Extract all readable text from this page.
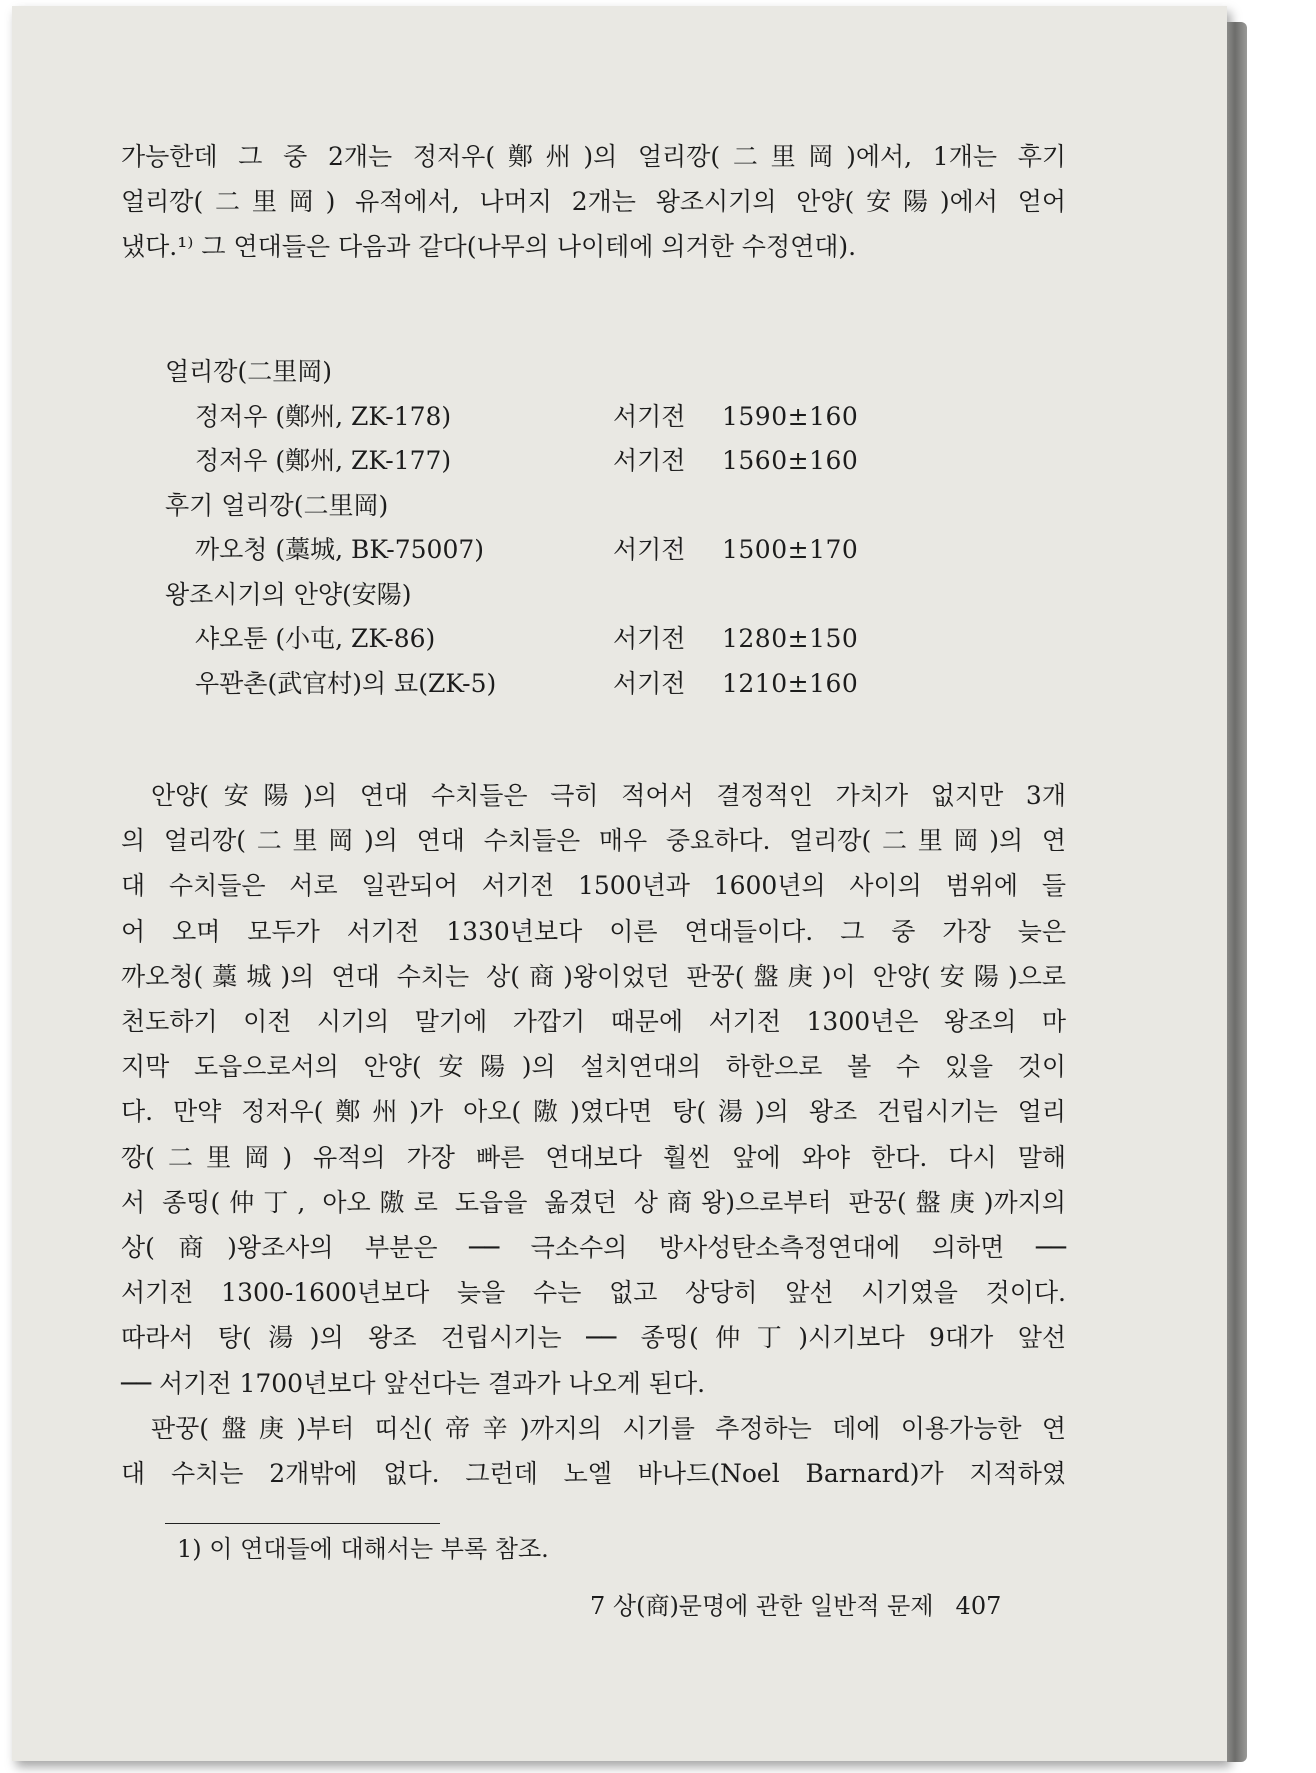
가능한데 그 중 2개는 정저우(鄭州)의 얼리깡(二里岡)에서, 1개는 후기

얼리깡(二里岡) 유적에서, 나머지 2개는 왕조시기의 안양(安陽)에서 얻어

냈다.¹⁾ 그 연대들은 다음과 같다(나무의 나이테에 의거한 수정연대).

얼리깡(二里岡)
정저우 (鄭州, ZK-178)	서기전 1590±160
정저우 (鄭州, ZK-177)	서기전 1560±160
후기 얼리깡(二里岡)
까오청 (藁城, BK-75007)	서기전 1500±170
왕조시기의 안양(安陽)
샤오툰 (小屯, ZK-86)	서기전 1280±150
우꽌촌(武官村)의 묘(ZK-5)	서기전 1210±160
안양(安陽)의 연대 수치들은 극히 적어서 결정적인 가치가 없지만 3개
의 얼리깡(二里岡)의 연대 수치들은 매우 중요하다. 얼리깡(二里岡)의 연
대 수치들은 서로 일관되어 서기전 1500년과 1600년의 사이의 범위에 들
어 오며 모두가 서기전 1330년보다 이른 연대들이다. 그 중 가장 늦은
까오청(藁城)의 연대 수치는 상(商)왕이었던 판꿍(盤庚)이 안양(安陽)으로
천도하기 이전 시기의 말기에 가깝기 때문에 서기전 1300년은 왕조의 마
지막 도읍으로서의 안양(安陽)의 설치연대의 하한으로 볼 수 있을 것이
다. 만약 정저우(鄭州)가 아오(隞)였다면 탕(湯)의 왕조 건립시기는 얼리
깡(二里岡) 유적의 가장 빠른 연대보다 훨씬 앞에 와야 한다. 다시 말해
서 종띵(仲丁, 아오隞로 도읍을 옮겼던 상商왕)으로부터 판꿍(盤庚)까지의
상(商)왕조사의 부분은 ── 극소수의 방사성탄소측정연대에 의하면 ──
서기전 1300-1600년보다 늦을 수는 없고 상당히 앞선 시기였을 것이다.
따라서 탕(湯)의 왕조 건립시기는 ── 종띵(仲丁)시기보다 9대가 앞선
── 서기전 1700년보다 앞선다는 결과가 나오게 된다.
판꿍(盤庚)부터 띠신(帝辛)까지의 시기를 추정하는 데에 이용가능한 연
대 수치는 2개밖에 없다. 그런데 노엘 바나드(Noel Barnard)가 지적하였
1) 이 연대들에 대해서는 부록 참조.
7 상(商)문명에 관한 일반적 문제 407
